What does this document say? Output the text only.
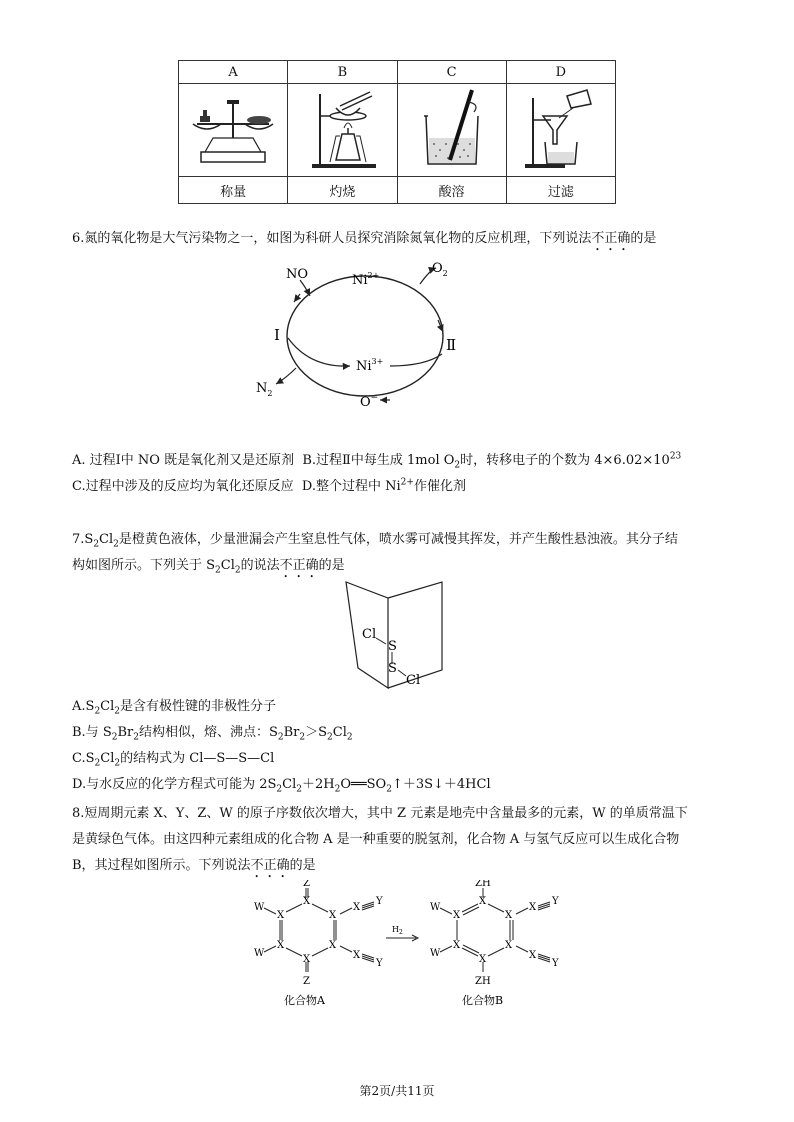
A	B	C	D

称量	灼烧	酸溶	过滤
6.氮的氧化物是大气污染物之一，如图为科研人员探究消除氮氧化物的反应机理，下列说法不正确的是
NO	$Ni^{2+}$	$O_2$
Ⅰ
Ⅱ
$Ni^{3+}$
$N_2$
O−
A. 过程Ⅰ中 NO 既是氧化剂又是还原剂 B.过程Ⅱ中每生成 1mol $O_2$时，转移电子的个数为 $4\times 6.02\times 10^{23}$
C.过程中涉及的反应均为氧化还原反应 D.整个过程中 $Ni^{2+}$作催化剂
$7.S_2Cl_2$是橙黄色液体，少量泄漏会产生窒息性气体，喷水雾可减慢其挥发，并产生酸性悬浊液。其分子结
构如图所示。下列关于 $S_2Cl_2$的说法不正确的是
Cl
S
S
Cl
$A.S_2Cl_2$是含有极性键的非极性分子
B.与 $S_2Br_2$结构相似，熔、沸点：$S_2Br_2>S_2Cl_2$
$C.S_2Cl_2$的结构式为 Cl—S—S—Cl
D.与水反应的化学方程式可能为 $2S_2Cl_2+2H_2O══SO_2↑+3S↓+4HCl$
8.短周期元素 X、Y、Z、W 的原子序数依次增大，其中 Z 元素是地壳中含量最多的元素，W 的单质常温下
是黄绿色气体。由这四种元素组成的化合物 A 是一种重要的脱氢剂，化合物 A 与氢气反应可以生成化合物
B，其过程如图所示。下列说法不正确的是
Z
X
X
X
X
X
X
Z
W
W
X
X
Y
Y
化合物A
$H_2$
ZH
X
X
X
X
X
X
ZH
W
W
X
X
Y
Y
化合物B
第2页/共11页
